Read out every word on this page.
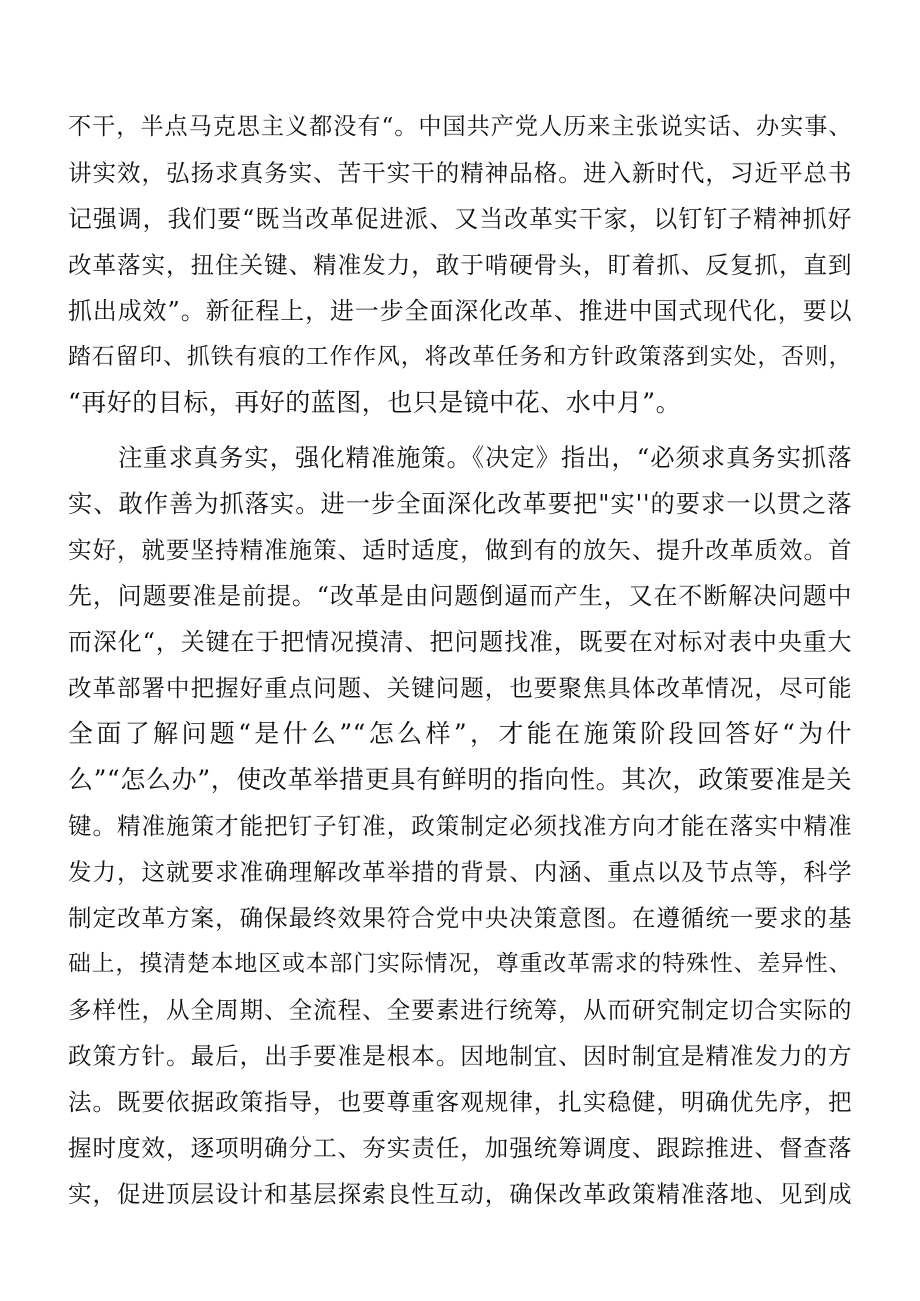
不干，半点马克思主义都没有“。中国共产党人历来主张说实话、办实事、
讲实效，弘扬求真务实、苦干实干的精神品格。进入新时代，习近平总书
记强调，我们要“既当改革促进派、又当改革实干家，以钉钉子精神抓好
改革落实，扭住关键、精准发力，敢于啃硬骨头，盯着抓、反复抓，直到
抓出成效”。新征程上，进一步全面深化改革、推进中国式现代化，要以
踏石留印、抓铁有痕的工作作风，将改革任务和方针政策落到实处，否则，
“再好的目标，再好的蓝图，也只是镜中花、水中月”。
注重求真务实，强化精准施策。《决定》指出，“必须求真务实抓落
实、敢作善为抓落实。进一步全面深化改革要把"实''的要求一以贯之落
实好，就要坚持精准施策、适时适度，做到有的放矢、提升改革质效。首
先，问题要准是前提。“改革是由问题倒逼而产生，又在不断解决问题中
而深化“，关键在于把情况摸清、把问题找准，既要在对标对表中央重大
改革部署中把握好重点问题、关键问题，也要聚焦具体改革情况，尽可能
全面了解问题“是什么”“怎么样”，才能在施策阶段回答好“为什
么”“怎么办”，使改革举措更具有鲜明的指向性。其次，政策要准是关
键。精准施策才能把钉子钉准，政策制定必须找准方向才能在落实中精准
发力，这就要求准确理解改革举措的背景、内涵、重点以及节点等，科学
制定改革方案，确保最终效果符合党中央决策意图。在遵循统一要求的基
础上，摸清楚本地区或本部门实际情况，尊重改革需求的特殊性、差异性、
多样性，从全周期、全流程、全要素进行统筹，从而研究制定切合实际的
政策方针。最后，出手要准是根本。因地制宜、因时制宜是精准发力的方
法。既要依据政策指导，也要尊重客观规律，扎实稳健，明确优先序，把
握时度效，逐项明确分工、夯实责任，加强统筹调度、跟踪推进、督查落
实，促进顶层设计和基层探索良性互动，确保改革政策精准落地、见到成
